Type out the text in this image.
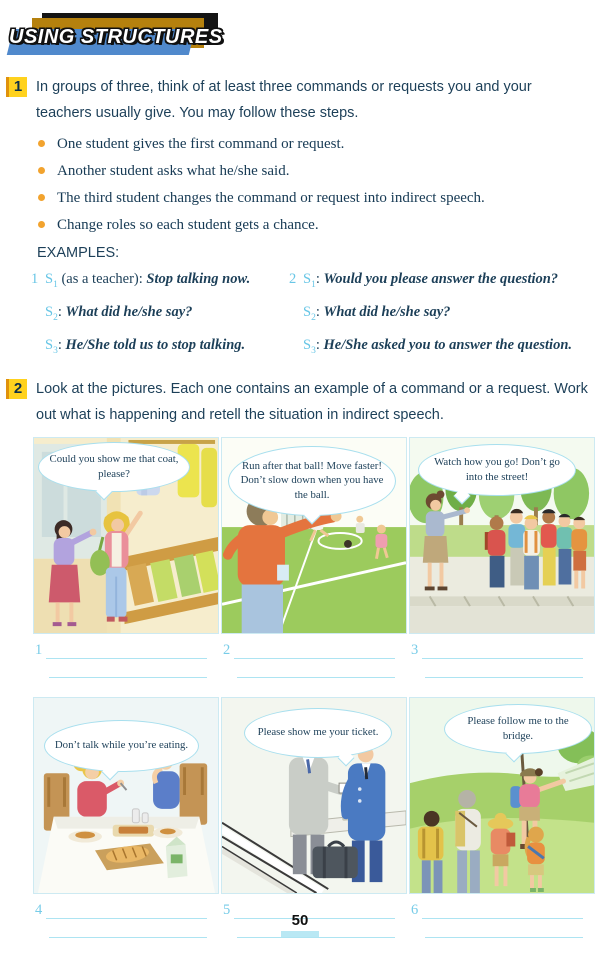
USING STRUCTURES
1 In groups of three, think of at least three commands or requests you and your teachers usually give. You may follow these steps.

One student gives the first command or request.
Another student asks what he/she said.
The third student changes the command or request into indirect speech.
Change roles so each student gets a chance.
EXAMPLES:
1 $S_1$ (as a teacher): Stop talking now.
$S_2$: What did he/she say?
$S_3$: He/She told us to stop talking.
2 $S_1$: Would you please answer the question?
$S_2$: What did he/she say?
$S_3$: He/She asked you to answer the question.
2 Look at the pictures. Each one contains an example of a command or a request. Work out what is happening and retell the situation in indirect speech.

Could you show me that coat, please?
Run after that ball! Move faster! Don’t slow down when you have the ball.
Watch how you go! Don’t go into the street!
1	2	3
Don’t talk while you’re eating.
Please show me your ticket.
Please follow me to the bridge.
4	5	6
50
